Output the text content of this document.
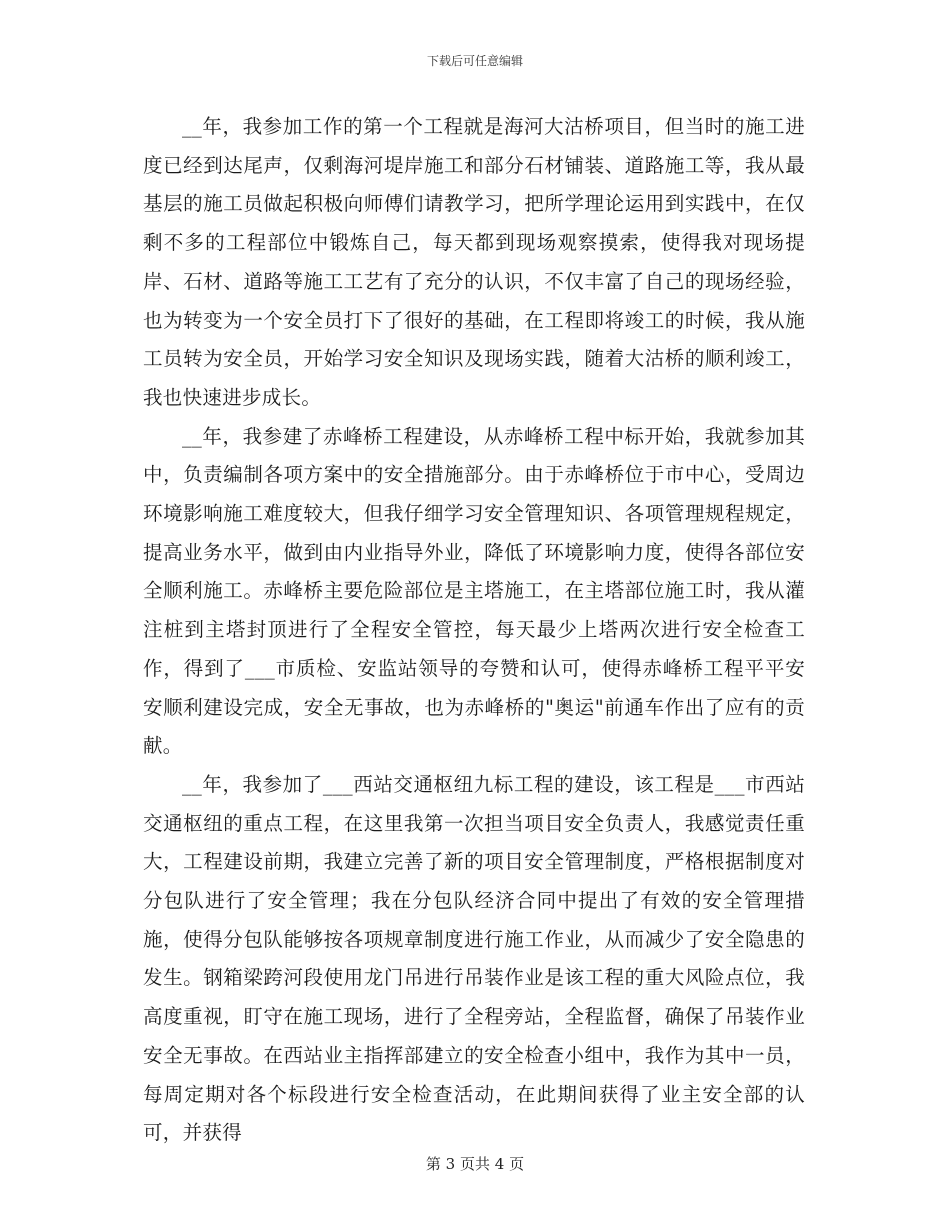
下载后可任意编辑

__年，我参加工作的第一个工程就是海河大沽桥项目，但当时的施工进度已经到达尾声，仅剩海河堤岸施工和部分石材铺装、道路施工等，我从最基层的施工员做起积极向师傅们请教学习，把所学理论运用到实践中，在仅剩不多的工程部位中锻炼自己，每天都到现场观察摸索，使得我对现场提岸、石材、道路等施工工艺有了充分的认识，不仅丰富了自己的现场经验，也为转变为一个安全员打下了很好的基础，在工程即将竣工的时候，我从施工员转为安全员，开始学习安全知识及现场实践，随着大沽桥的顺利竣工，我也快速进步成长。

__年，我参建了赤峰桥工程建设，从赤峰桥工程中标开始，我就参加其中，负责编制各项方案中的安全措施部分。由于赤峰桥位于市中心，受周边环境影响施工难度较大，但我仔细学习安全管理知识、各项管理规程规定，提高业务水平，做到由内业指导外业，降低了环境影响力度，使得各部位安全顺利施工。赤峰桥主要危险部位是主塔施工，在主塔部位施工时，我从灌注桩到主塔封顶进行了全程安全管控，每天最少上塔两次进行安全检查工作，得到了___市质检、安监站领导的夸赞和认可，使得赤峰桥工程平平安安顺利建设完成，安全无事故，也为赤峰桥的"奥运"前通车作出了应有的贡献。

__年，我参加了___西站交通枢纽九标工程的建设，该工程是___市西站交通枢纽的重点工程，在这里我第一次担当项目安全负责人，我感觉责任重大，工程建设前期，我建立完善了新的项目安全管理制度，严格根据制度对分包队进行了安全管理；我在分包队经济合同中提出了有效的安全管理措施，使得分包队能够按各项规章制度进行施工作业，从而减少了安全隐患的发生。钢箱梁跨河段使用龙门吊进行吊装作业是该工程的重大风险点位，我高度重视，盯守在施工现场，进行了全程旁站，全程监督，确保了吊装作业安全无事故。在西站业主指挥部建立的安全检查小组中，我作为其中一员，每周定期对各个标段进行安全检查活动，在此期间获得了业主安全部的认可，并获得

第 3 页共 4 页
